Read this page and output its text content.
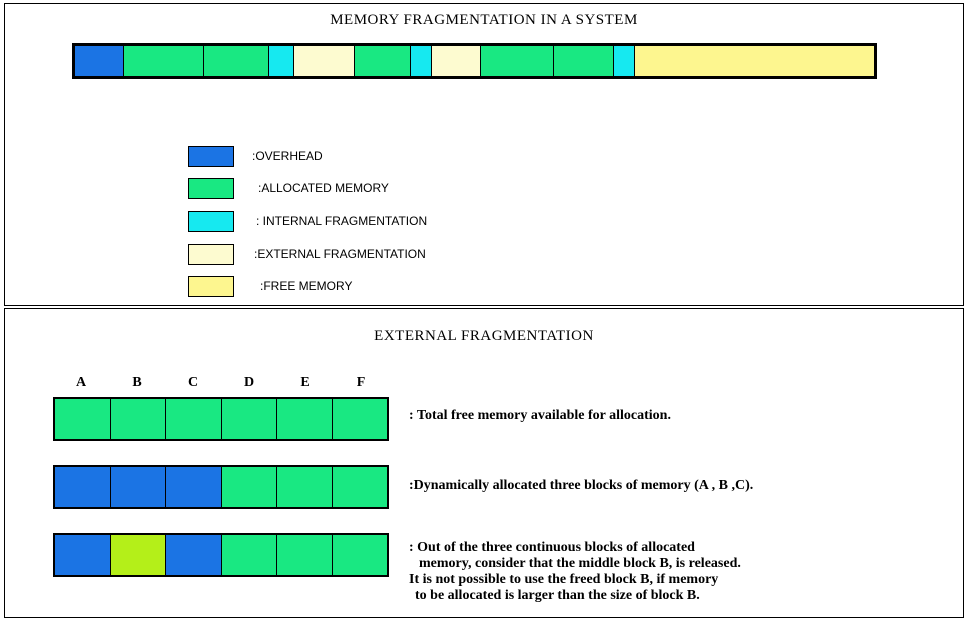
MEMORY FRAGMENTATION IN A SYSTEM
:OVERHEAD
:ALLOCATED MEMORY
: INTERNAL FRAGMENTATION
:EXTERNAL FRAGMENTATION
:FREE MEMORY
EXTERNAL FRAGMENTATION
A	B	C	D	E	F
: Total free memory available for allocation.
:Dynamically allocated three blocks of memory (A , B ,C).
: Out of the three continuous blocks of allocated
memory, consider that the middle block B, is released.
It is not possible to use the freed block B, if memory
to be allocated is larger than the size of block B.
